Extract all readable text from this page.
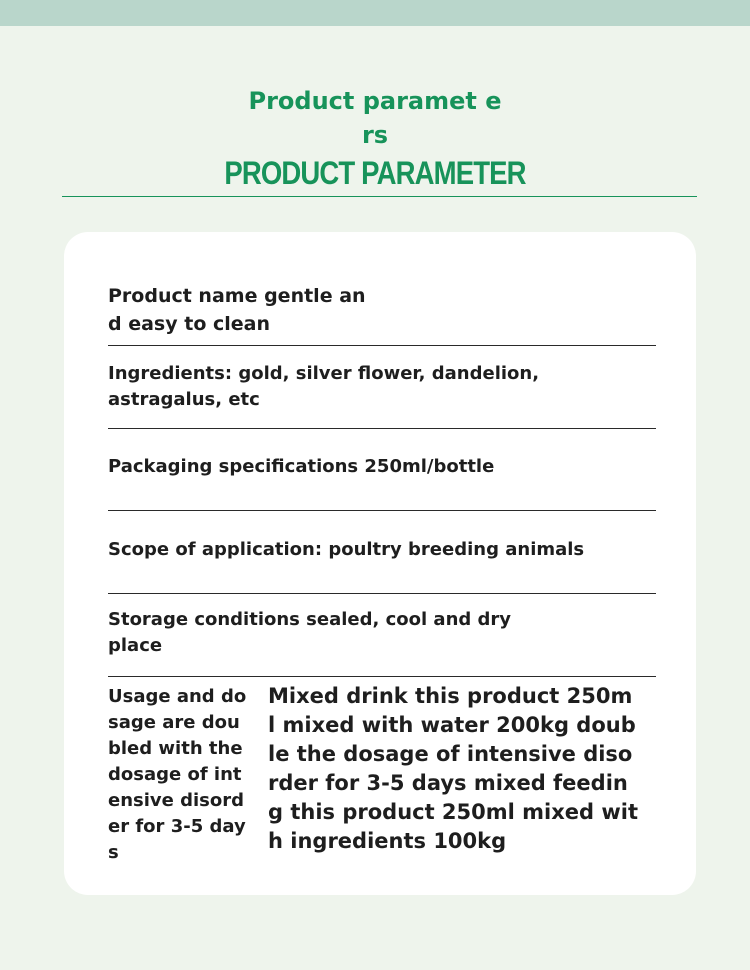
Product paramet ers
PRODUCT PARAMETER
Product name gentle and easy to clean
Ingredients: gold, silver flower, dandelion, astragalus, etc
Packaging specifications 250ml/bottle
Scope of application: poultry breeding animals
Storage conditions sealed, cool and dry place
Usage and dosage are doubled with the dosage of intensive disorder for 3-5 days
Mixed drink this product 250ml mixed with water 200kg double the dosage of intensive disorder for 3-5 days mixed feeding this product 250ml mixed with ingredients 100kg
